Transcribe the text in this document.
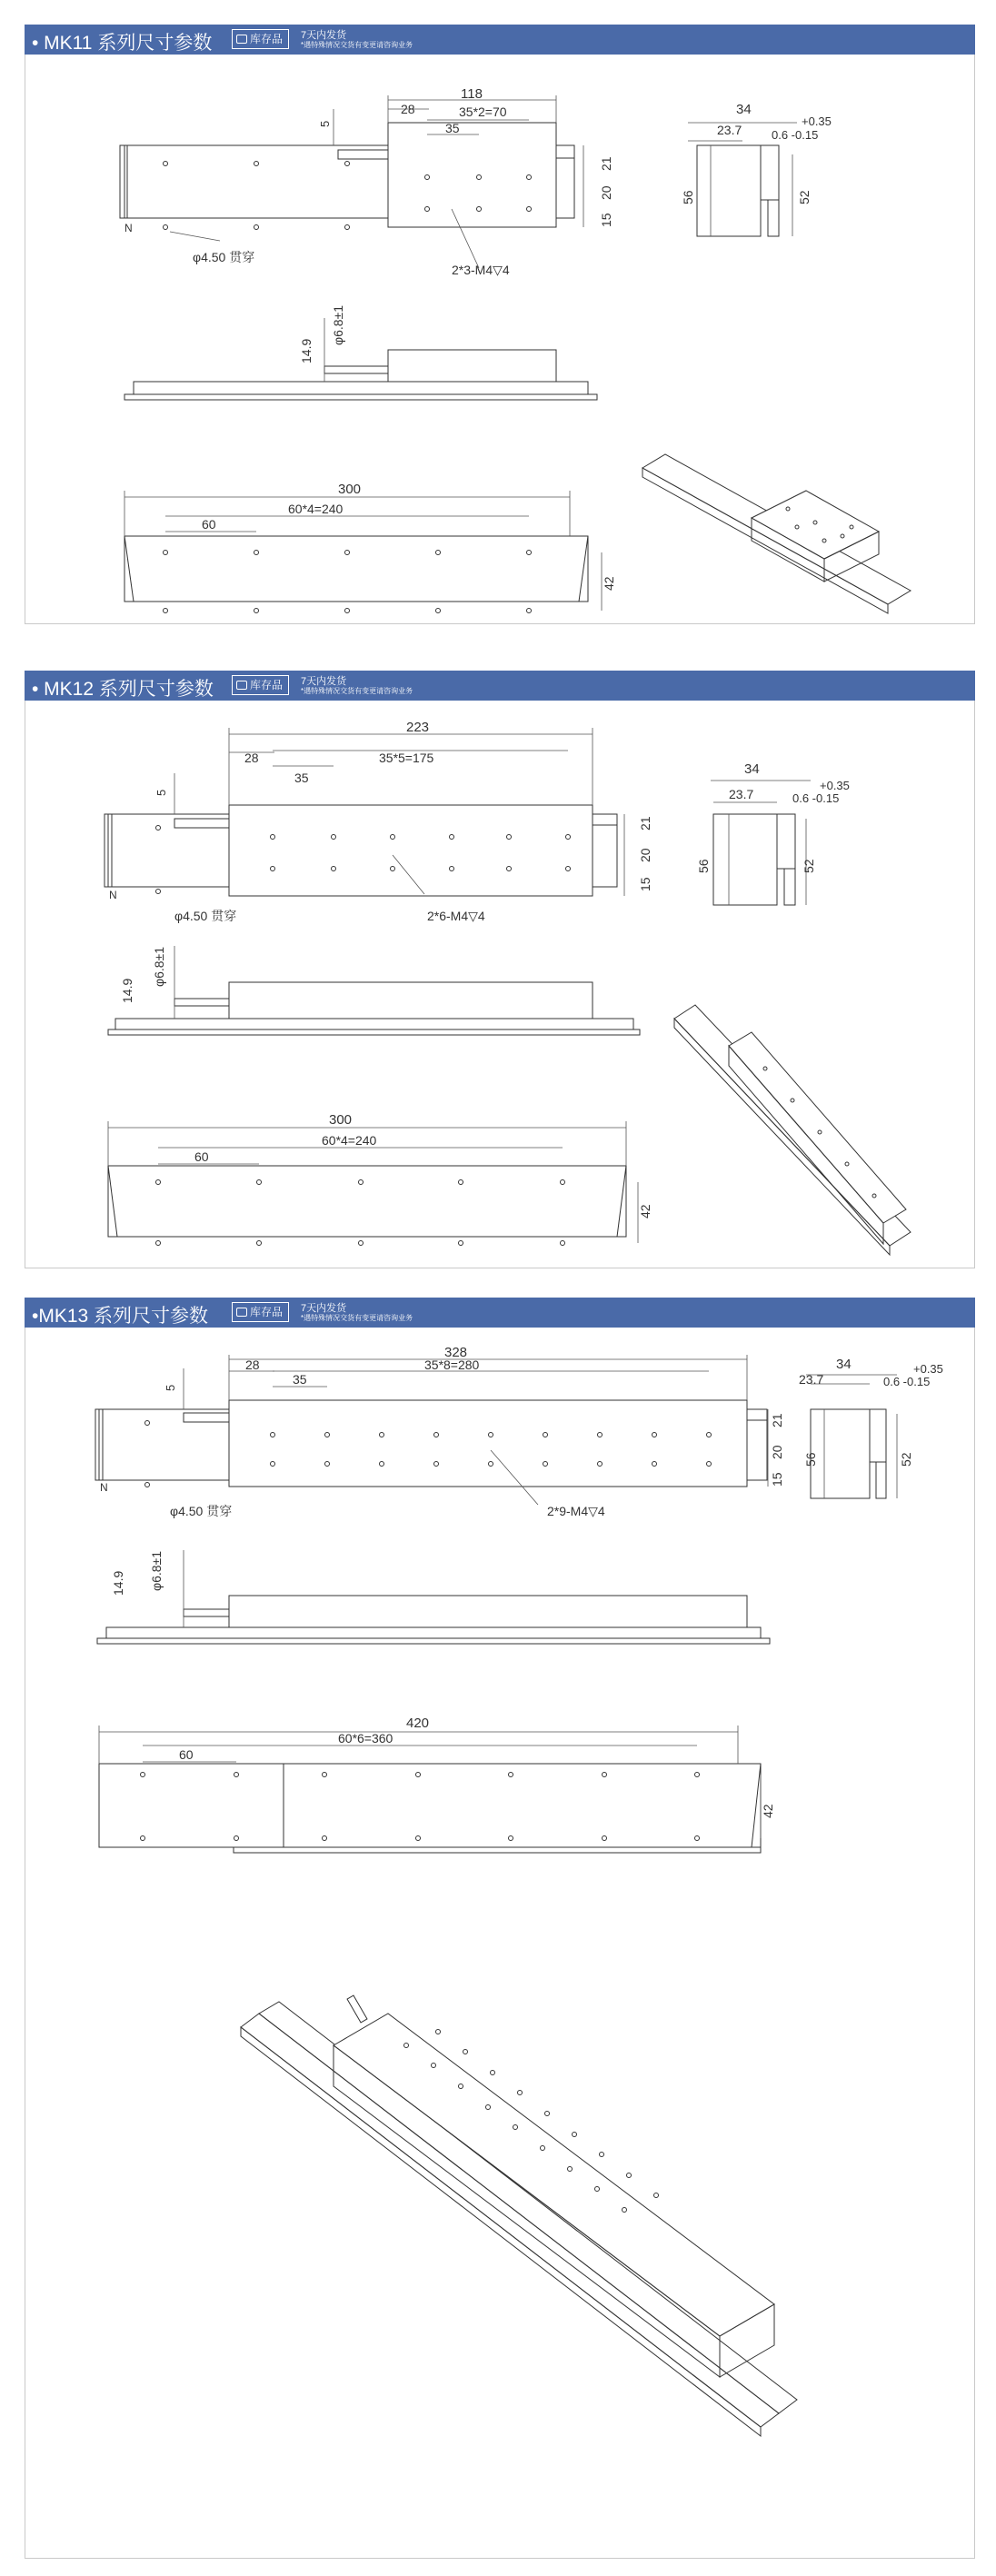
• MK11 系列尺寸参数	库存品	7天内发货
*遇特殊情况交货有变更请咨询业务
118
28	35*2=70
35
5
21
20
15
N
φ4.50 贯穿
2*3-M4▽4
14.9
φ6.8±1
34
23.7
+0.35
0.6 -0.15
56	52
300
60*4=240
60
42
• MK12 系列尺寸参数	库存品	7天内发货
*遇特殊情况交货有变更请咨询业务
223
28	35*5=175
35
5
21
20
15
N
φ4.50 贯穿	2*6-M4▽4
14.9
φ6.8±1
34
23.7
+0.35
0.6 -0.15
56	52
300
60*4=240
60
42
•MK13 系列尺寸参数	库存品	7天内发货
*遇特殊情况交货有变更请咨询业务
328
28	35*8=280
35
5
21
20
15
N
φ4.50 贯穿	2*9-M4▽4
14.9 φ6.8±1
34
23.7
+0.35
0.6 -0.15
56	52
420
60*6=360
60
42
